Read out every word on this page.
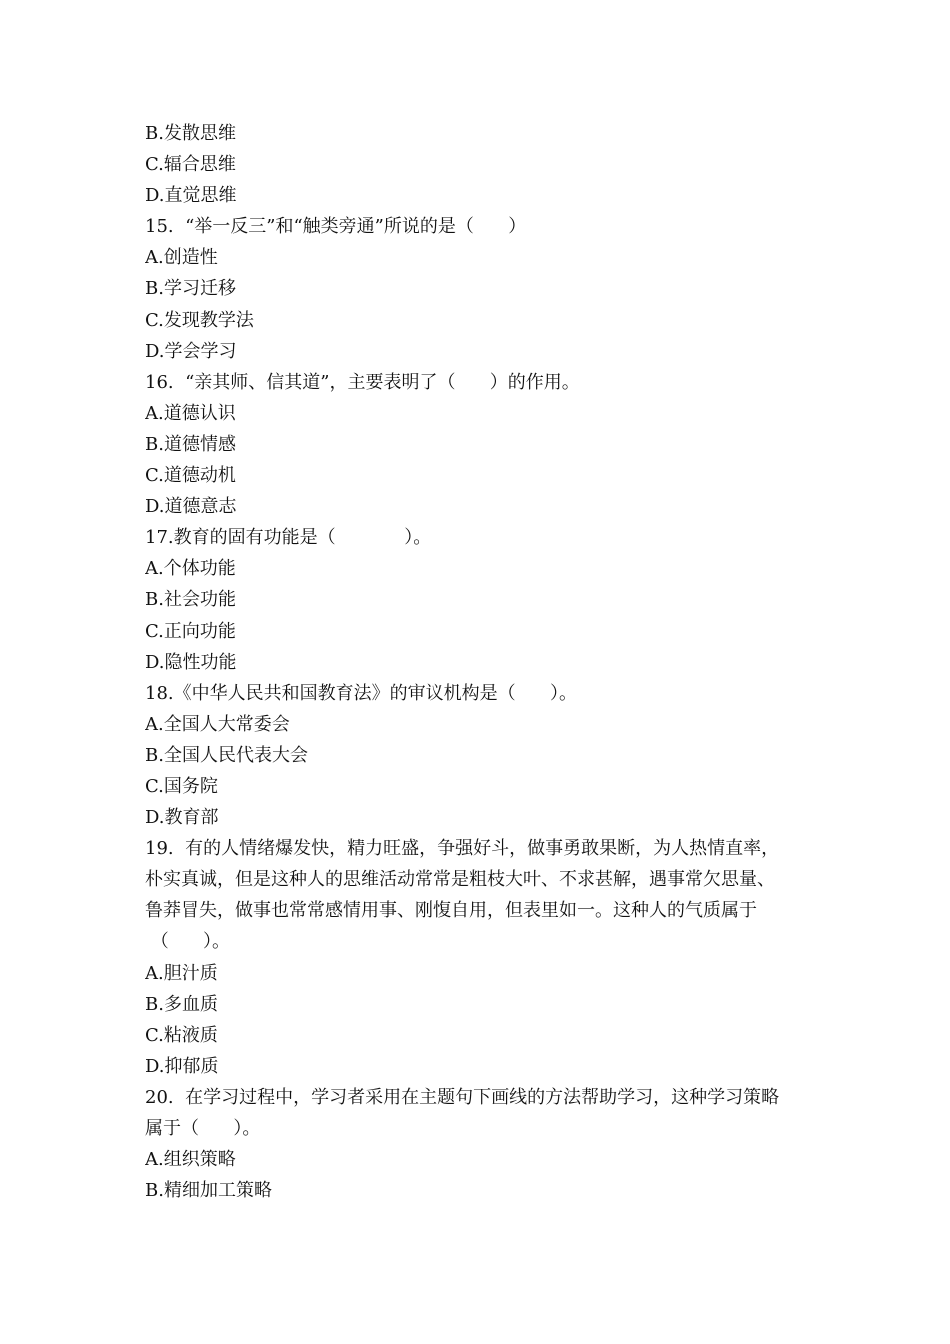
B.发散思维
C.辐合思维
D.直觉思维
15.  “举一反三”和“触类旁通”所说的是（      ）
A.创造性
B.学习迁移
C.发现教学法
D.学会学习
16.  “亲其师、信其道”，主要表明了（      ）的作用。
A.道德认识
B.道德情感
C.道德动机
D.道德意志
17.教育的固有功能是（            ）。
A.个体功能
B.社会功能
C.正向功能
D.隐性功能
18.《中华人民共和国教育法》的审议机构是（      ）。
A.全国人大常委会
B.全国人民代表大会
C.国务院
D.教育部
19.  有的人情绪爆发快，精力旺盛，争强好斗，做事勇敢果断，为人热情直率，
朴实真诚，但是这种人的思维活动常常是粗枝大叶、不求甚解，遇事常欠思量、
鲁莽冒失，做事也常常感情用事、刚愎自用，但表里如一。这种人的气质属于
（      ）。
A.胆汁质
B.多血质
C.粘液质
D.抑郁质
20.  在学习过程中，学习者采用在主题句下画线的方法帮助学习，这种学习策略
属于（      ）。
A.组织策略
B.精细加工策略
